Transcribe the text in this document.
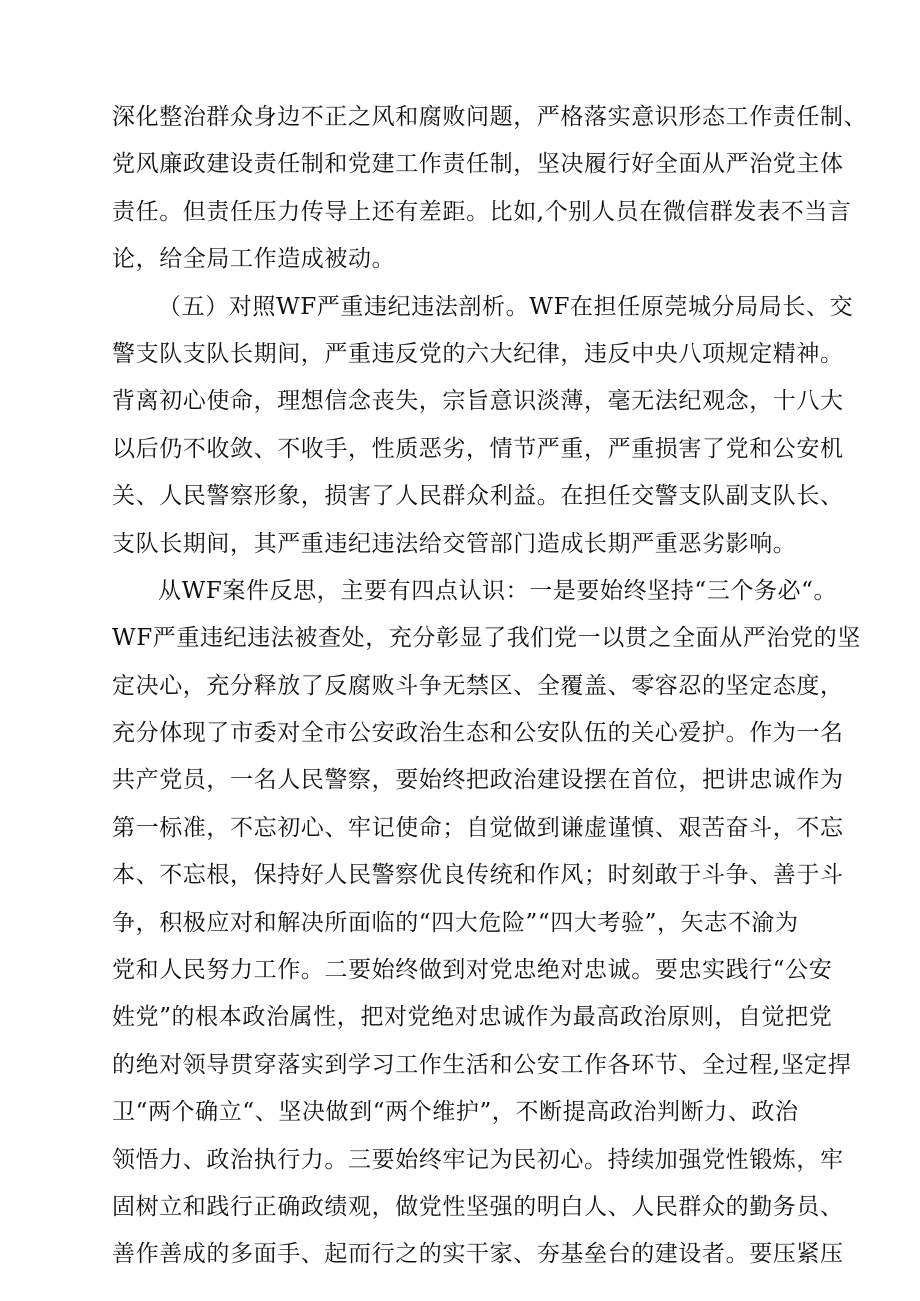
深化整治群众身边不正之风和腐败问题，严格落实意识形态工作责任制、
党风廉政建设责任制和党建工作责任制，坚决履行好全面从严治党主体
责任。但责任压力传导上还有差距。比如,个别人员在微信群发表不当言
论，给全局工作造成被动。

（五）对照WF严重违纪违法剖析。WF在担任原莞城分局局长、交
警支队支队长期间，严重违反党的六大纪律，违反中央八项规定精神。
背离初心使命，理想信念丧失，宗旨意识淡薄，毫无法纪观念，十八大
以后仍不收敛、不收手，性质恶劣，情节严重，严重损害了党和公安机
关、人民警察形象，损害了人民群众利益。在担任交警支队副支队长、
支队长期间，其严重违纪违法给交管部门造成长期严重恶劣影响。

从WF案件反思，主要有四点认识：一是要始终坚持“三个务必“。
WF严重违纪违法被查处，充分彰显了我们党一以贯之全面从严治党的坚
定决心，充分释放了反腐败斗争无禁区、全覆盖、零容忍的坚定态度，
充分体现了市委对全市公安政治生态和公安队伍的关心爱护。作为一名
共产党员，一名人民警察，要始终把政治建设摆在首位，把讲忠诚作为
第一标准，不忘初心、牢记使命；自觉做到谦虚谨慎、艰苦奋斗，不忘
本、不忘根，保持好人民警察优良传统和作风；时刻敢于斗争、善于斗
争，积极应对和解决所面临的“四大危险”“四大考验”，矢志不渝为
党和人民努力工作。二要始终做到对党忠绝对忠诚。要忠实践行“公安
姓党”的根本政治属性，把对党绝对忠诚作为最高政治原则，自觉把党
的绝对领导贯穿落实到学习工作生活和公安工作各环节、全过程,坚定捍
卫“两个确立“、坚决做到“两个维护”，不断提高政治判断力、政治
领悟力、政治执行力。三要始终牢记为民初心。持续加强党性锻炼，牢
固树立和践行正确政绩观，做党性坚强的明白人、人民群众的勤务员、
善作善成的多面手、起而行之的实干家、夯基垒台的建设者。要压紧压
